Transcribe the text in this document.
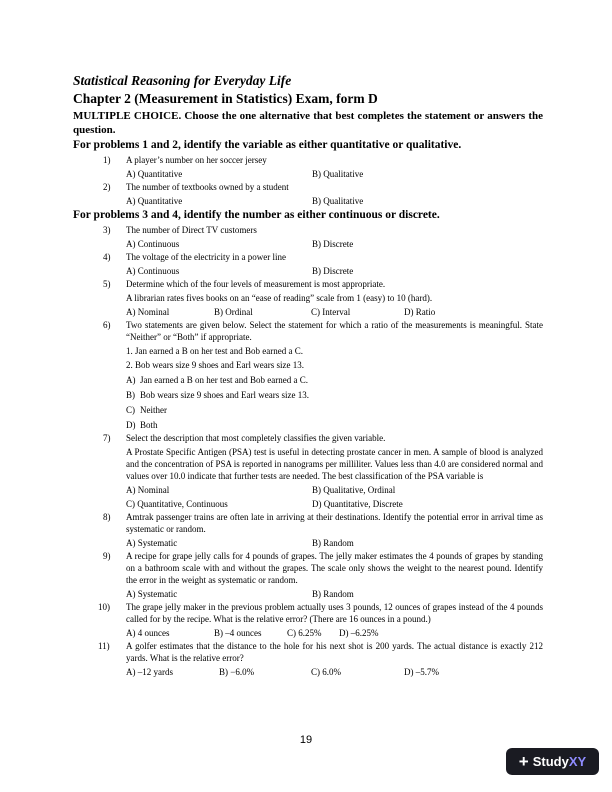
Statistical Reasoning for Everyday Life
Chapter 2 (Measurement in Statistics) Exam, form D
MULTIPLE CHOICE. Choose the one alternative that best completes the statement or answers the question.
For problems 1 and 2, identify the variable as either quantitative or qualitative.
1) A player’s number on her soccer jersey
A) Quantitative	B) Qualitative
2) The number of textbooks owned by a student
A) Quantitative	B) Qualitative
For problems 3 and 4, identify the number as either continuous or discrete.
3) The number of Direct TV customers
A) Continuous	B) Discrete
4) The voltage of the electricity in a power line
A) Continuous	B) Discrete
5) Determine which of the four levels of measurement is most appropriate.
A librarian rates fives books on an “ease of reading” scale from 1 (easy) to 10 (hard).
A) Nominal	B) Ordinal	C) Interval	D) Ratio
6) Two statements are given below. Select the statement for which a ratio of the measurements is meaningful. State “Neither” or “Both” if appropriate.
1. Jan earned a B on her test and Bob earned a C.
2. Bob wears size 9 shoes and Earl wears size 13.
A) Jan earned a B on her test and Bob earned a C.
B) Bob wears size 9 shoes and Earl wears size 13.
C) Neither
D) Both
7) Select the description that most completely classifies the given variable.
A Prostate Specific Antigen (PSA) test is useful in detecting prostate cancer in men. A sample of blood is analyzed and the concentration of PSA is reported in nanograms per milliliter. Values less than 4.0 are considered normal and values over 10.0 indicate that further tests are needed. The best classification of the PSA variable is
A) Nominal	B) Qualitative, Ordinal
C) Quantitative, Continuous	D) Quantitative, Discrete
8) Amtrak passenger trains are often late in arriving at their destinations. Identify the potential error in arrival time as systematic or random.
A) Systematic	B) Random
9) A recipe for grape jelly calls for 4 pounds of grapes. The jelly maker estimates the 4 pounds of grapes by standing on a bathroom scale with and without the grapes. The scale only shows the weight to the nearest pound. Identify the error in the weight as systematic or random.
A) Systematic	B) Random
10) The grape jelly maker in the previous problem actually uses 3 pounds, 12 ounces of grapes instead of the 4 pounds called for by the recipe. What is the relative error? (There are 16 ounces in a pound.)
A) 4 ounces	B) –4 ounces	C) 6.25%	D) –6.25%
11) A golfer estimates that the distance to the hole for his next shot is 200 yards. The actual distance is exactly 212 yards. What is the relative error?
A) –12 yards	B) −6.0%	C) 6.0%	D) –5.7%
19
+ Study XY
